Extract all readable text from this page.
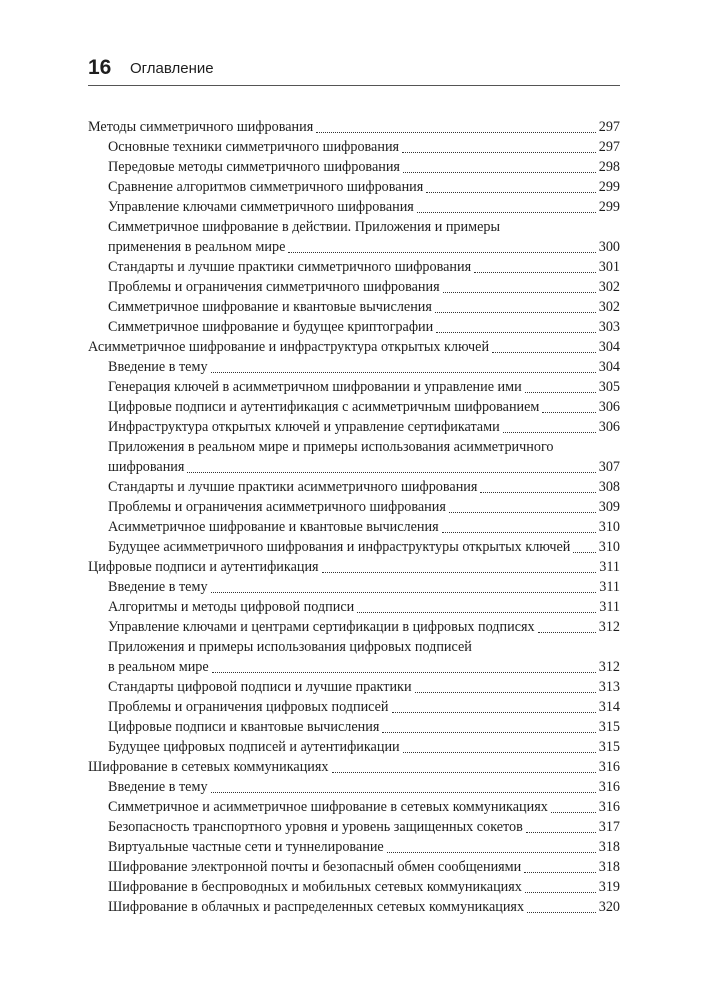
16 Оглавление
Методы симметричного шифрования	297
Основные техники симметричного шифрования	297
Передовые методы симметричного шифрования	298
Сравнение алгоритмов симметричного шифрования	299
Управление ключами симметричного шифрования	299
Симметричное шифрование в действии. Приложения и примеры
применения в реальном мире	300
Стандарты и лучшие практики симметричного шифрования	301
Проблемы и ограничения симметричного шифрования	302
Симметричное шифрование и квантовые вычисления	302
Симметричное шифрование и будущее криптографии	303
Асимметричное шифрование и инфраструктура открытых ключей	304
Введение в тему	304
Генерация ключей в асимметричном шифровании и управление ими	305
Цифровые подписи и аутентификация с асимметричным шифрованием	306
Инфраструктура открытых ключей и управление сертификатами	306
Приложения в реальном мире и примеры использования асимметричного
шифрования	307
Стандарты и лучшие практики асимметричного шифрования	308
Проблемы и ограничения асимметричного шифрования	309
Асимметричное шифрование и квантовые вычисления	310
Будущее асимметричного шифрования и инфраструктуры открытых ключей 310
Цифровые подписи и аутентификация	311
Введение в тему	311
Алгоритмы и методы цифровой подписи	311
Управление ключами и центрами сертификации в цифровых подписях	312
Приложения и примеры использования цифровых подписей
в реальном мире	312
Стандарты цифровой подписи и лучшие практики	313
Проблемы и ограничения цифровых подписей	314
Цифровые подписи и квантовые вычисления	315
Будущее цифровых подписей и аутентификации	315
Шифрование в сетевых коммуникациях	316
Введение в тему	316
Симметричное и асимметричное шифрование в сетевых коммуникациях	316
Безопасность транспортного уровня и уровень защищенных сокетов	317
Виртуальные частные сети и туннелирование	318
Шифрование электронной почты и безопасный обмен сообщениями	318
Шифрование в беспроводных и мобильных сетевых коммуникациях	319
Шифрование в облачных и распределенных сетевых коммуникациях	320
